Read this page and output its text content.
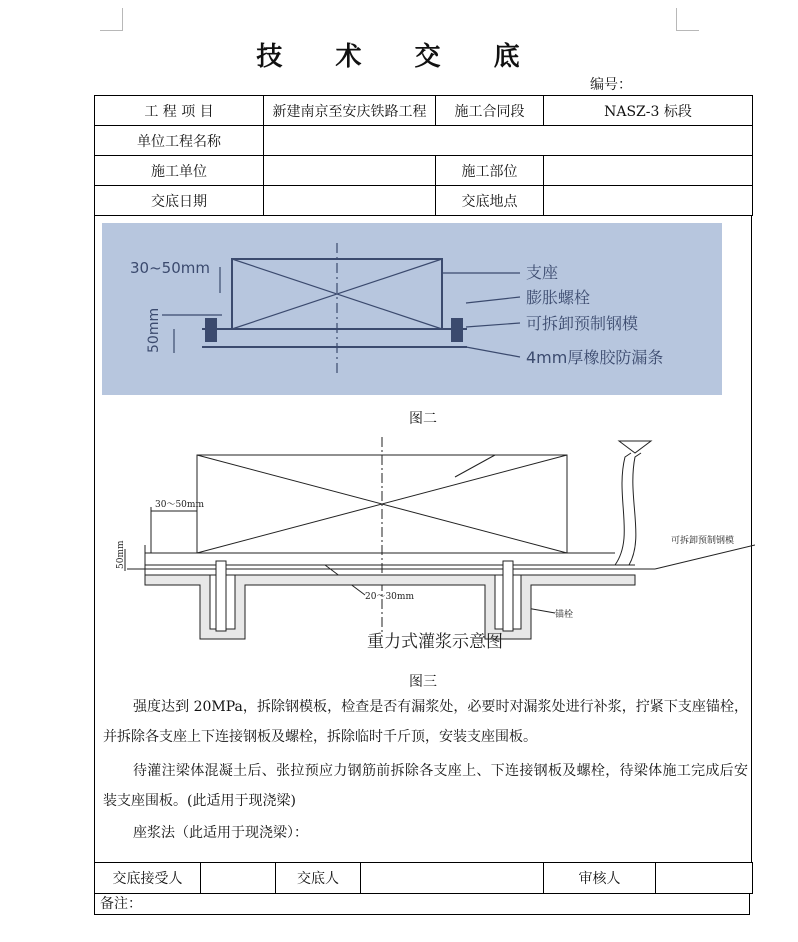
技 术 交 底
编号：
工 程 项 目	新建南京至安庆铁路工程	施工合同段	NASZ-3 标段
单位工程名称			
施工单位		施工部位	
交底日期		交底地点	
30~50mm
50mm
支座
膨胀螺栓
可拆卸预制钢模
4mm厚橡胶防漏条
图二
30～50mm
50mm
20～30mm
可拆卸预制钢模
锚栓
重力式灌浆示意图
图三
强度达到 20MPa，拆除钢模板，检查是否有漏浆处，必要时对漏浆处进行补浆，拧紧下支座锚栓，并拆除各支座上下连接钢板及螺栓，拆除临时千斤顶，安装支座围板。
待灌注梁体混凝土后、张拉预应力钢筋前拆除各支座上、下连接钢板及螺栓，待梁体施工完成后安装支座围板。(此适用于现浇梁)
座浆法（此适用于现浇梁）：
交底接受人		交底人		审核人	
备注：
